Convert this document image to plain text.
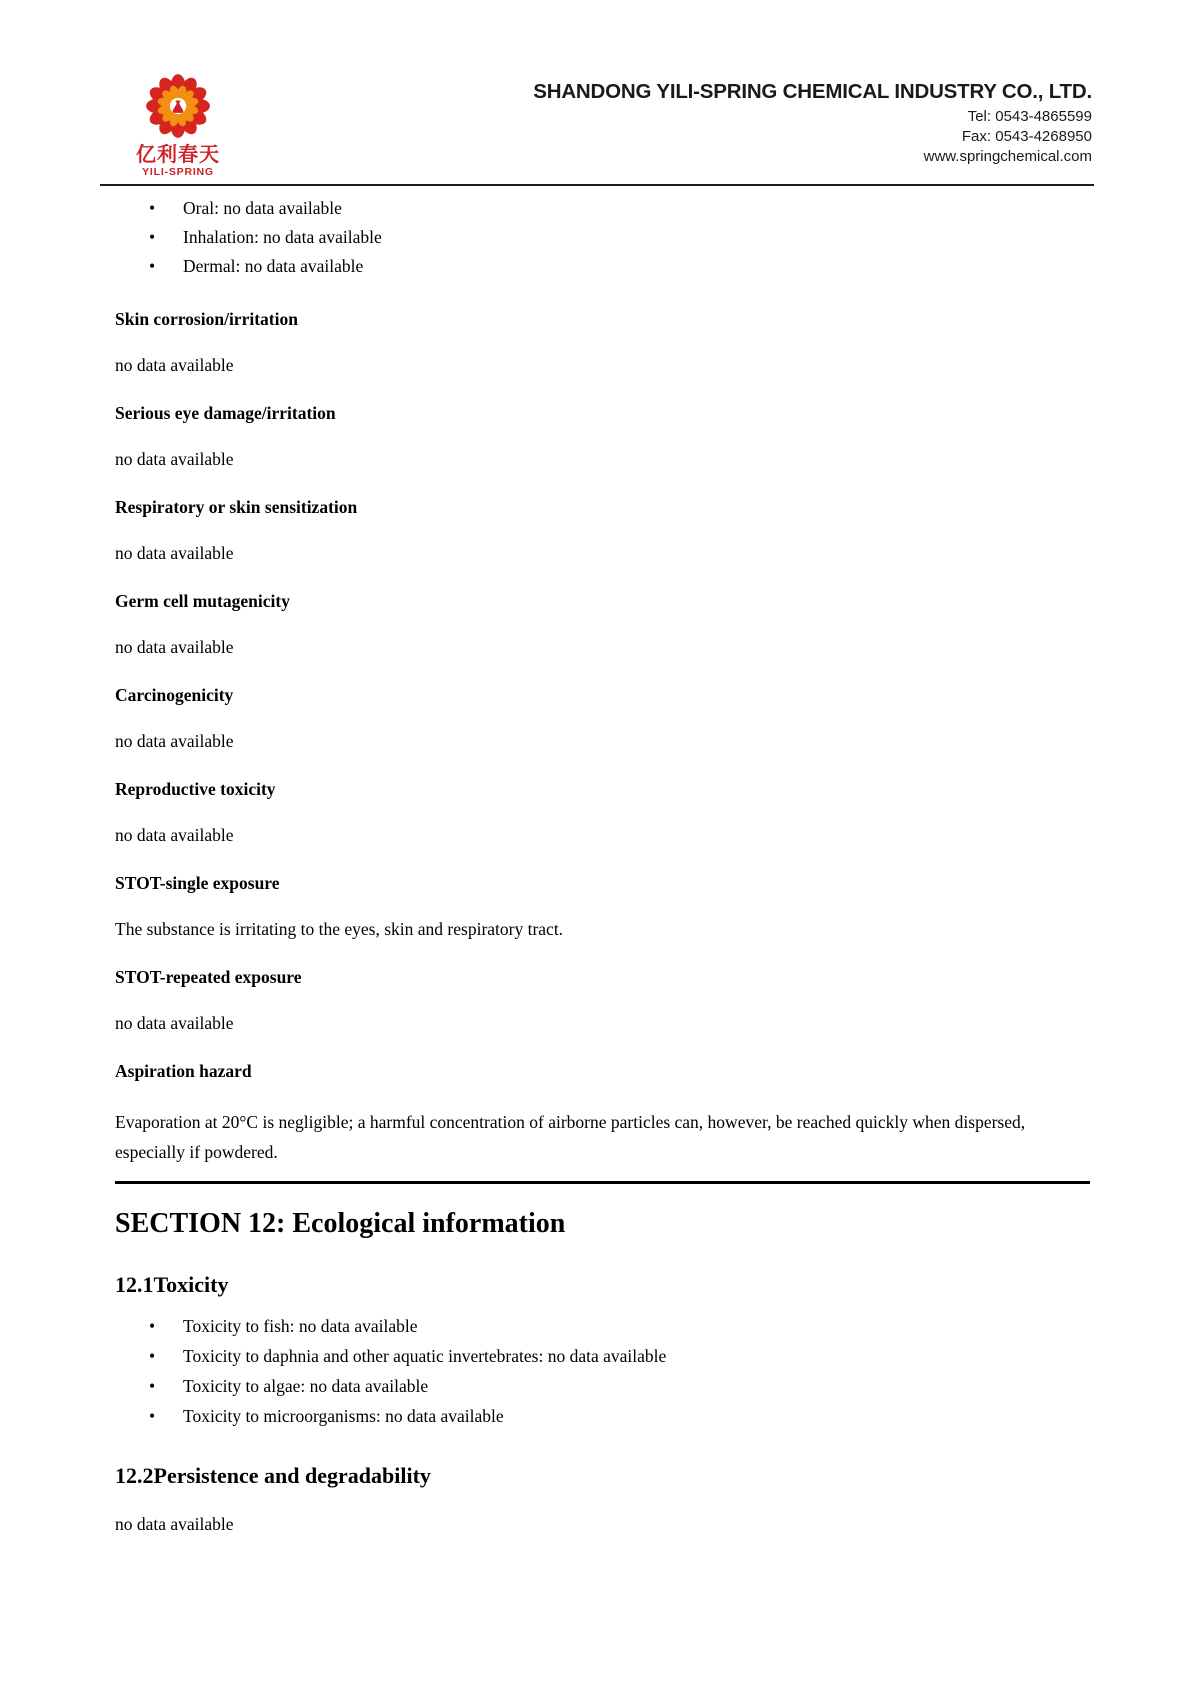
亿利春天
YILI-SPRING
SHANDONG YILI-SPRING CHEMICAL INDUSTRY CO., LTD.
Tel: 0543-4865599
Fax: 0543-4268950
www.springchemical.com
• Oral: no data available
• Inhalation: no data available
• Dermal: no data available
Skin corrosion/irritation
no data available
Serious eye damage/irritation
no data available
Respiratory or skin sensitization
no data available
Germ cell mutagenicity
no data available
Carcinogenicity
no data available
Reproductive toxicity
no data available
STOT-single exposure
The substance is irritating to the eyes, skin and respiratory tract.
STOT-repeated exposure
no data available
Aspiration hazard
Evaporation at 20°C is negligible; a harmful concentration of airborne particles can, however, be reached quickly when dispersed, especially if powdered.
SECTION 12: Ecological information
12.1Toxicity
• Toxicity to fish: no data available
• Toxicity to daphnia and other aquatic invertebrates: no data available
• Toxicity to algae: no data available
• Toxicity to microorganisms: no data available
12.2Persistence and degradability
no data available
